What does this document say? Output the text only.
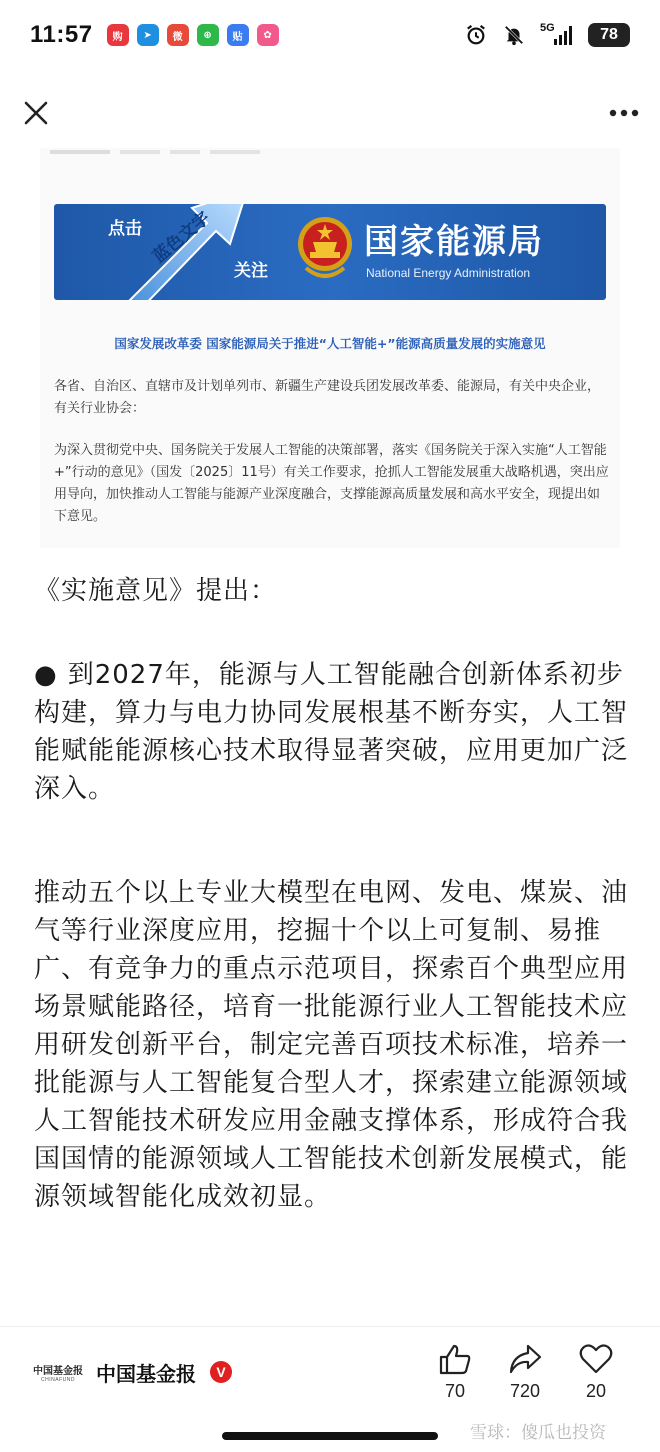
11:57	购	➤	微	⊕	贴	✿
5G	78
点击 蓝色文字
关注
国家能源局
National Energy Administration
国家发展改革委 国家能源局关于推进“人工智能+”能源高质量发展的实施意见
各省、自治区、直辖市及计划单列市、新疆生产建设兵团发展改革委、能源局，有关中央企业，有关行业协会：
为深入贯彻党中央、国务院关于发展人工智能的决策部署，落实《国务院关于深入实施“人工智能+”行动的意见》（国发〔2025〕11号）有关工作要求，抢抓人工智能发展重大战略机遇，突出应用导向，加快推动人工智能与能源产业深度融合，支撑能源高质量发展和高水平安全，现提出如下意见。
《实施意见》提出：
● 到2027年，能源与人工智能融合创新体系初步构建，算力与电力协同发展根基不断夯实，人工智能赋能能源核心技术取得显著突破，应用更加广泛深入。
推动五个以上专业大模型在电网、发电、煤炭、油气等行业深度应用，挖掘十个以上可复制、易推广、有竞争力的重点示范项目，探索百个典型应用场景赋能路径，培育一批能源行业人工智能技术应用研发创新平台，制定完善百项技术标准，培养一批能源与人工智能复合型人才，探索建立能源领域人工智能技术研发应用金融支撑体系，形成符合我国国情的能源领域人工智能技术创新发展模式，能源领域智能化成效初显。
中国基金报
CHINAFUND 中国基金报	V
70 720	20
雪球：傻瓜也投资
